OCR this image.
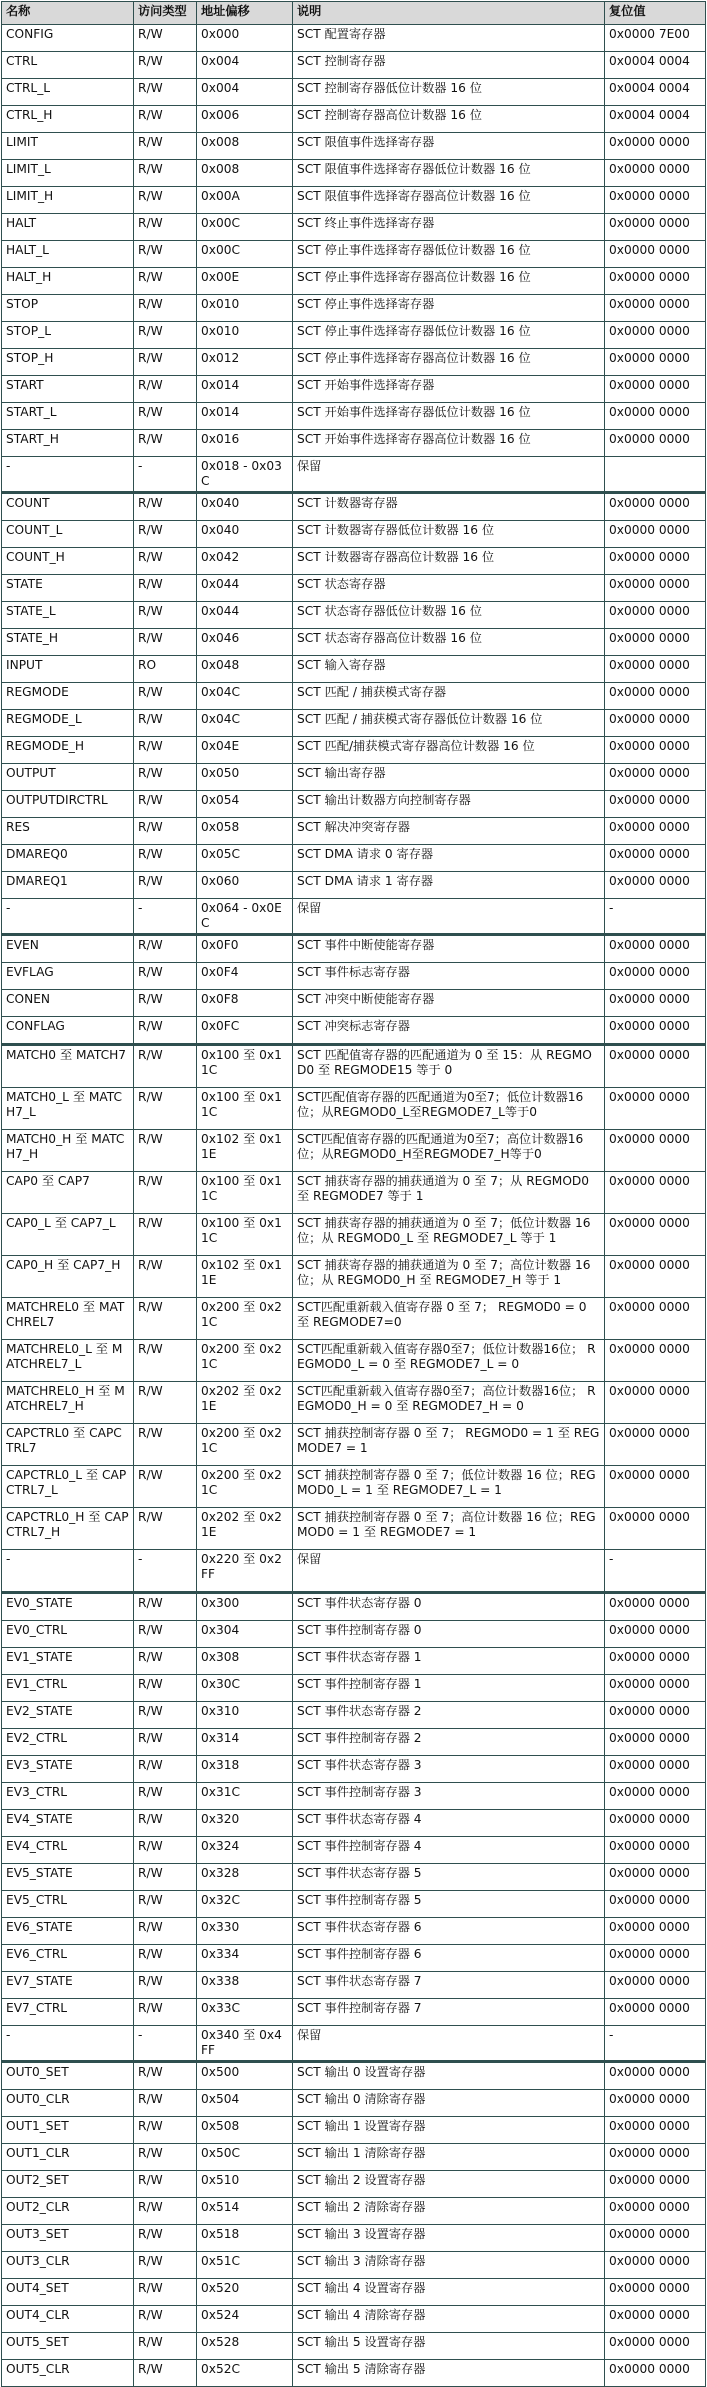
名称	访问类型	地址偏移	说明	复位值
CONFIG	R/W	0x000	SCT 配置寄存器	0x0000 7E00
CTRL	R/W	0x004	SCT 控制寄存器	0x0004 0004
CTRL_L	R/W	0x004	SCT 控制寄存器低位计数器 16 位	0x0004 0004
CTRL_H	R/W	0x006	SCT 控制寄存器高位计数器 16 位	0x0004 0004
LIMIT	R/W	0x008	SCT 限值事件选择寄存器	0x0000 0000
LIMIT_L	R/W	0x008	SCT 限值事件选择寄存器低位计数器 16 位	0x0000 0000
LIMIT_H	R/W	0x00A	SCT 限值事件选择寄存器高位计数器 16 位	0x0000 0000
HALT	R/W	0x00C	SCT 终止事件选择寄存器	0x0000 0000
HALT_L	R/W	0x00C	SCT 停止事件选择寄存器低位计数器 16 位	0x0000 0000
HALT_H	R/W	0x00E	SCT 停止事件选择寄存器高位计数器 16 位	0x0000 0000
STOP	R/W	0x010	SCT 停止事件选择寄存器	0x0000 0000
STOP_L	R/W	0x010	SCT 停止事件选择寄存器低位计数器 16 位	0x0000 0000
STOP_H	R/W	0x012	SCT 停止事件选择寄存器高位计数器 16 位	0x0000 0000
START	R/W	0x014	SCT 开始事件选择寄存器	0x0000 0000
START_L	R/W	0x014	SCT 开始事件选择寄存器低位计数器 16 位	0x0000 0000
START_H	R/W	0x016	SCT 开始事件选择寄存器高位计数器 16 位	0x0000 0000
-	-	0x018 - 0x03C	保留	
COUNT	R/W	0x040	SCT 计数器寄存器	0x0000 0000
COUNT_L	R/W	0x040	SCT 计数器寄存器低位计数器 16 位	0x0000 0000
COUNT_H	R/W	0x042	SCT 计数器寄存器高位计数器 16 位	0x0000 0000
STATE	R/W	0x044	SCT 状态寄存器	0x0000 0000
STATE_L	R/W	0x044	SCT 状态寄存器低位计数器 16 位	0x0000 0000
STATE_H	R/W	0x046	SCT 状态寄存器高位计数器 16 位	0x0000 0000
INPUT	RO	0x048	SCT 输入寄存器	0x0000 0000
REGMODE	R/W	0x04C	SCT 匹配 / 捕获模式寄存器	0x0000 0000
REGMODE_L	R/W	0x04C	SCT 匹配 / 捕获模式寄存器低位计数器 16 位	0x0000 0000
REGMODE_H	R/W	0x04E	SCT 匹配/捕获模式寄存器高位计数器 16 位	0x0000 0000
OUTPUT	R/W	0x050	SCT 输出寄存器	0x0000 0000
OUTPUTDIRCTRL	R/W	0x054	SCT 输出计数器方向控制寄存器	0x0000 0000
RES	R/W	0x058	SCT 解决冲突寄存器	0x0000 0000
DMAREQ0	R/W	0x05C	SCT DMA 请求 0 寄存器	0x0000 0000
DMAREQ1	R/W	0x060	SCT DMA 请求 1 寄存器	0x0000 0000
-	-	0x064 - 0x0EC	保留	-
EVEN	R/W	0x0F0	SCT 事件中断使能寄存器	0x0000 0000
EVFLAG	R/W	0x0F4	SCT 事件标志寄存器	0x0000 0000
CONEN	R/W	0x0F8	SCT 冲突中断使能寄存器	0x0000 0000
CONFLAG	R/W	0x0FC	SCT 冲突标志寄存器	0x0000 0000
MATCH0 至 MATCH7	R/W	0x100 至 0x11C	SCT 匹配值寄存器的匹配通道为 0 至 15：从 REGMOD0 至 REGMODE15 等于 0	0x0000 0000
MATCH0_L 至 MATCH7_L	R/W	0x100 至 0x11C	SCT匹配值寄存器的匹配通道为0至7；低位计数器16位；从REGMOD0_L至REGMODE7_L等于0	0x0000 0000
MATCH0_H 至 MATCH7_H	R/W	0x102 至 0x11E	SCT匹配值寄存器的匹配通道为0至7；高位计数器16位；从REGMOD0_H至REGMODE7_H等于0	0x0000 0000
CAP0 至 CAP7	R/W	0x100 至 0x11C	SCT 捕获寄存器的捕获通道为 0 至 7；从 REGMOD0 至 REGMODE7 等于 1	0x0000 0000
CAP0_L 至 CAP7_L	R/W	0x100 至 0x11C	SCT 捕获寄存器的捕获通道为 0 至 7；低位计数器 16 位；从 REGMOD0_L 至 REGMODE7_L 等于 1	0x0000 0000
CAP0_H 至 CAP7_H	R/W	0x102 至 0x11E	SCT 捕获寄存器的捕获通道为 0 至 7；高位计数器 16 位；从 REGMOD0_H 至 REGMODE7_H 等于 1	0x0000 0000
MATCHREL0 至 MATCHREL7	R/W	0x200 至 0x21C	SCT匹配重新载入值寄存器 0 至 7； REGMOD0 = 0 至 REGMODE7=0	0x0000 0000
MATCHREL0_L 至 MATCHREL7_L	R/W	0x200 至 0x21C	SCT匹配重新载入值寄存器0至7；低位计数器16位； REGMOD0_L = 0 至 REGMODE7_L = 0	0x0000 0000
MATCHREL0_H 至 MATCHREL7_H	R/W	0x202 至 0x21E	SCT匹配重新载入值寄存器0至7；高位计数器16位； REGMOD0_H = 0 至 REGMODE7_H = 0	0x0000 0000
CAPCTRL0 至 CAPCTRL7	R/W	0x200 至 0x21C	SCT 捕获控制寄存器 0 至 7； REGMOD0 = 1 至 REGMODE7 = 1	0x0000 0000
CAPCTRL0_L 至 CAPCTRL7_L	R/W	0x200 至 0x21C	SCT 捕获控制寄存器 0 至 7；低位计数器 16 位；REGMOD0_L = 1 至 REGMODE7_L = 1	0x0000 0000
CAPCTRL0_H 至 CAPCTRL7_H	R/W	0x202 至 0x21E	SCT 捕获控制寄存器 0 至 7；高位计数器 16 位；REGMOD0 = 1 至 REGMODE7 = 1	0x0000 0000
-	-	0x220 至 0x2FF	保留	-
EV0_STATE	R/W	0x300	SCT 事件状态寄存器 0	0x0000 0000
EV0_CTRL	R/W	0x304	SCT 事件控制寄存器 0	0x0000 0000
EV1_STATE	R/W	0x308	SCT 事件状态寄存器 1	0x0000 0000
EV1_CTRL	R/W	0x30C	SCT 事件控制寄存器 1	0x0000 0000
EV2_STATE	R/W	0x310	SCT 事件状态寄存器 2	0x0000 0000
EV2_CTRL	R/W	0x314	SCT 事件控制寄存器 2	0x0000 0000
EV3_STATE	R/W	0x318	SCT 事件状态寄存器 3	0x0000 0000
EV3_CTRL	R/W	0x31C	SCT 事件控制寄存器 3	0x0000 0000
EV4_STATE	R/W	0x320	SCT 事件状态寄存器 4	0x0000 0000
EV4_CTRL	R/W	0x324	SCT 事件控制寄存器 4	0x0000 0000
EV5_STATE	R/W	0x328	SCT 事件状态寄存器 5	0x0000 0000
EV5_CTRL	R/W	0x32C	SCT 事件控制寄存器 5	0x0000 0000
EV6_STATE	R/W	0x330	SCT 事件状态寄存器 6	0x0000 0000
EV6_CTRL	R/W	0x334	SCT 事件控制寄存器 6	0x0000 0000
EV7_STATE	R/W	0x338	SCT 事件状态寄存器 7	0x0000 0000
EV7_CTRL	R/W	0x33C	SCT 事件控制寄存器 7	0x0000 0000
-	-	0x340 至 0x4FF	保留	-
OUT0_SET	R/W	0x500	SCT 输出 0 设置寄存器	0x0000 0000
OUT0_CLR	R/W	0x504	SCT 输出 0 清除寄存器	0x0000 0000
OUT1_SET	R/W	0x508	SCT 输出 1 设置寄存器	0x0000 0000
OUT1_CLR	R/W	0x50C	SCT 输出 1 清除寄存器	0x0000 0000
OUT2_SET	R/W	0x510	SCT 输出 2 设置寄存器	0x0000 0000
OUT2_CLR	R/W	0x514	SCT 输出 2 清除寄存器	0x0000 0000
OUT3_SET	R/W	0x518	SCT 输出 3 设置寄存器	0x0000 0000
OUT3_CLR	R/W	0x51C	SCT 输出 3 清除寄存器	0x0000 0000
OUT4_SET	R/W	0x520	SCT 输出 4 设置寄存器	0x0000 0000
OUT4_CLR	R/W	0x524	SCT 输出 4 清除寄存器	0x0000 0000
OUT5_SET	R/W	0x528	SCT 输出 5 设置寄存器	0x0000 0000
OUT5_CLR	R/W	0x52C	SCT 输出 5 清除寄存器	0x0000 0000
